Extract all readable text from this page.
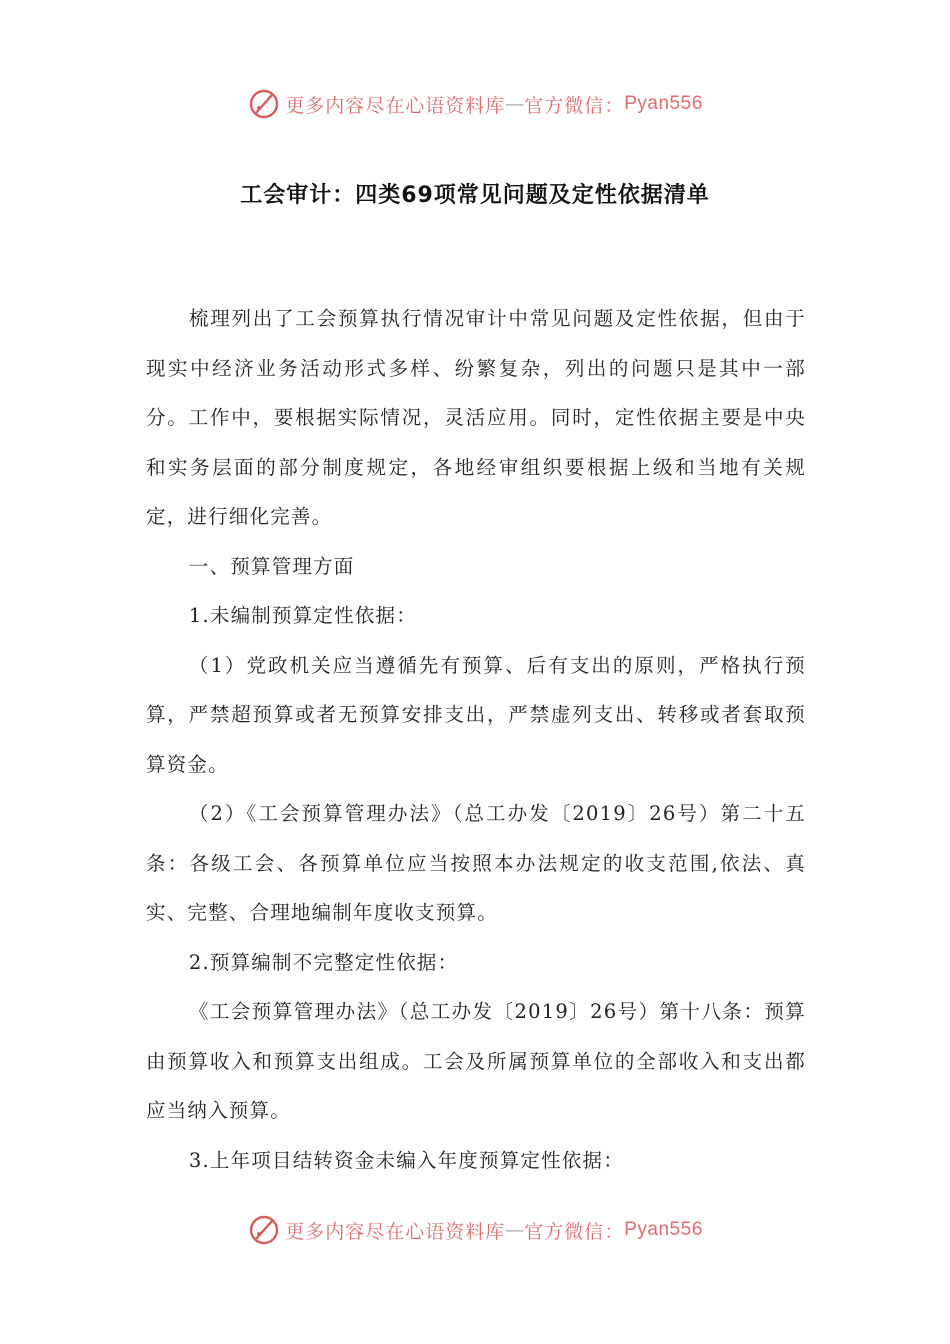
更多内容尽在心语资料库 — 官方微信： Pyan556
工会审计：四类69项常见问题及定性依据清单

梳理列出了工会预算执行情况审计中常见问题及定性依据，但由于现实中经济业务活动形式多样、纷繁复杂，列出的问题只是其中一部分。工作中，要根据实际情况，灵活应用。同时，定性依据主要是中央和实务层面的部分制度规定，各地经审组织要根据上级和当地有关规定，进行细化完善。

一、预算管理方面

1.未编制预算定性依据：

（1）党政机关应当遵循先有预算、后有支出的原则，严格执行预算，严禁超预算或者无预算安排支出，严禁虚列支出、转移或者套取预算资金。

（2）《工会预算管理办法》（总工办发〔2019〕26号）第二十五条：各级工会、各预算单位应当按照本办法规定的收支范围,依法、真实、完整、合理地编制年度收支预算。

2.预算编制不完整定性依据：

《工会预算管理办法》（总工办发〔2019〕26号）第十八条：预算由预算收入和预算支出组成。工会及所属预算单位的全部收入和支出都应当纳入预算。

3.上年项目结转资金未编入年度预算定性依据：

更多内容尽在心语资料库 — 官方微信： Pyan556
